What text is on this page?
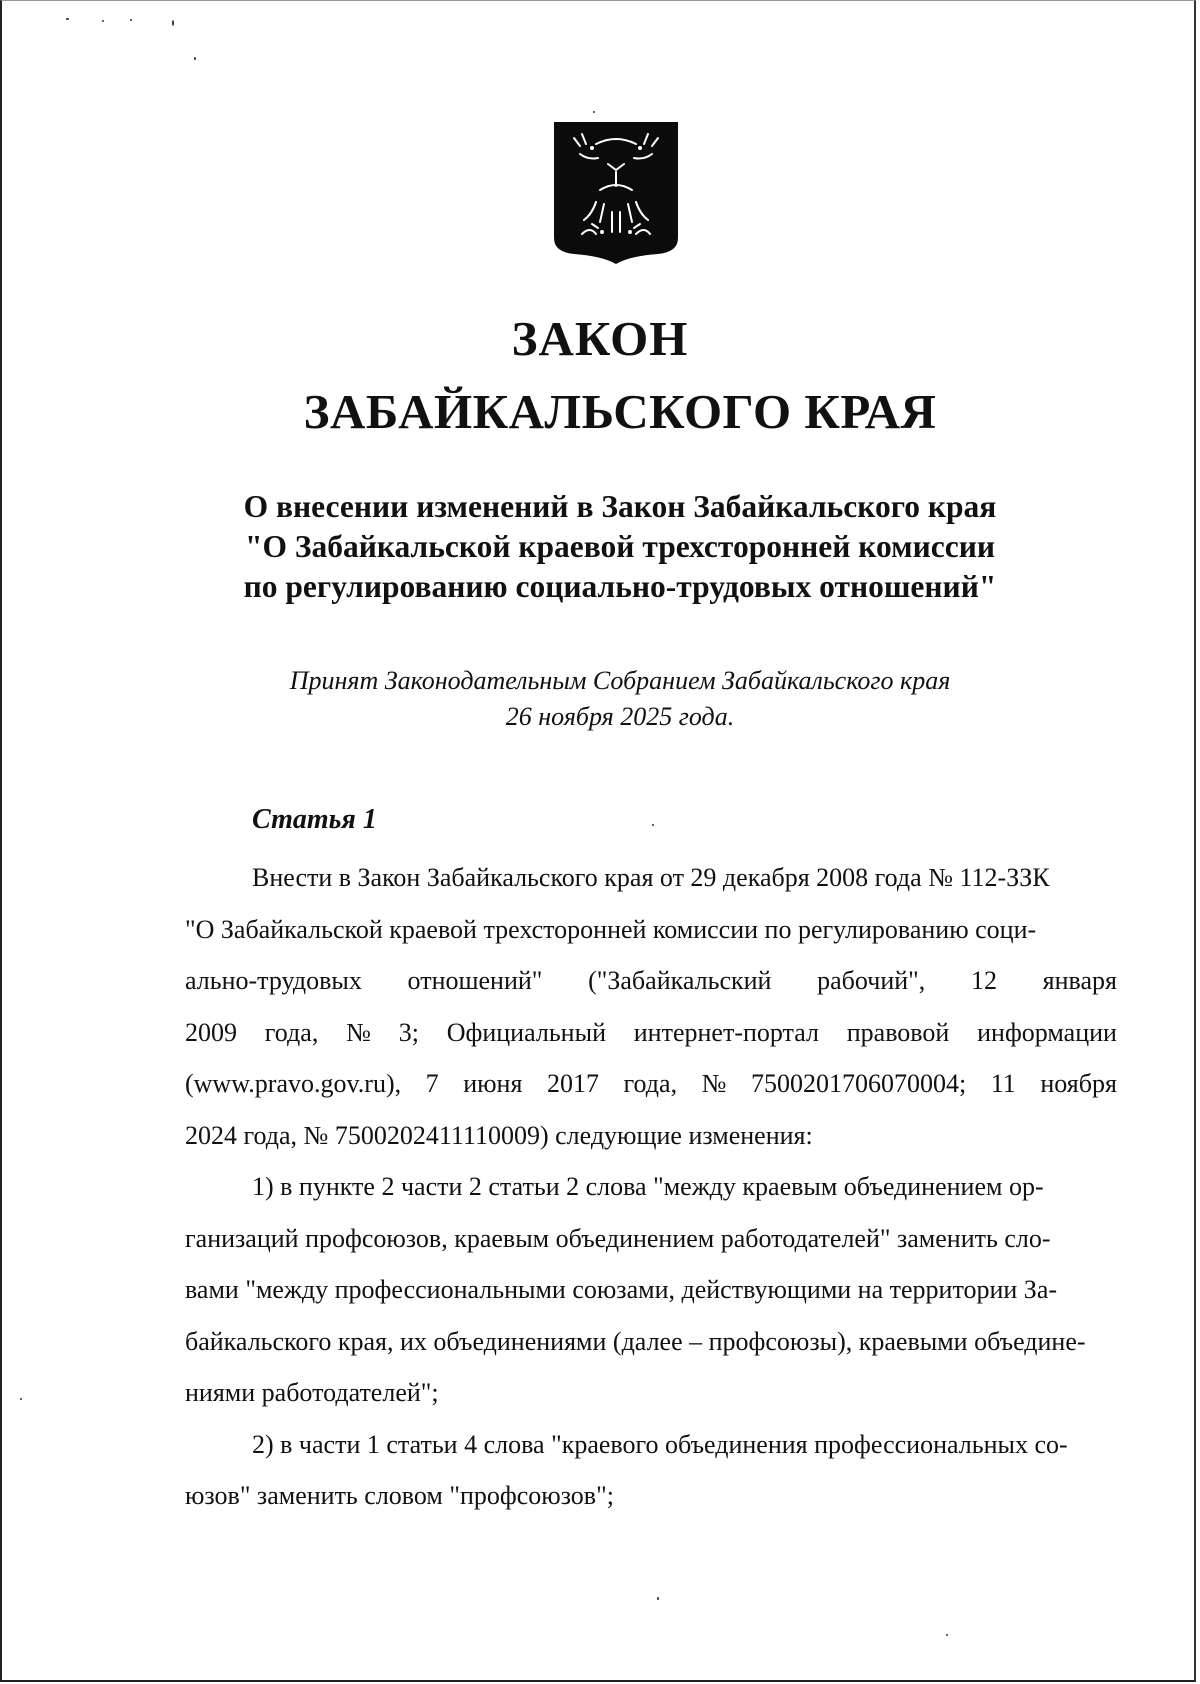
ЗАКОН
ЗАБАЙКАЛЬСКОГО КРАЯ
О внесении изменений в Закон Забайкальского края
"О Забайкальской краевой трехсторонней комиссии
по регулированию социально-трудовых отношений"
Принят Законодательным Собранием Забайкальского края
26 ноября 2025 года.
Статья 1

Внести в Закон Забайкальского края от 29 декабря 2008 года № 112-ЗЗК

"О Забайкальской краевой трехсторонней комиссии по регулированию соци-

ально-трудовых отношений" ("Забайкальский рабочий", 12 января
2009 года, № 3; Официальный интернет-портал правовой информации
(www.pravo.gov.ru), 7 июня 2017 года, № 7500201706070004; 11 ноября

2024 года, № 7500202411110009) следующие изменения:

1) в пункте 2 части 2 статьи 2 слова "между краевым объединением ор-

ганизаций профсоюзов, краевым объединением работодателей" заменить сло-

вами "между профессиональными союзами, действующими на территории За-

байкальского края, их объединениями (далее – профсоюзы), краевыми объедине-

ниями работодателей";

2) в части 1 статьи 4 слова "краевого объединения профессиональных со-

юзов" заменить словом "профсоюзов";
